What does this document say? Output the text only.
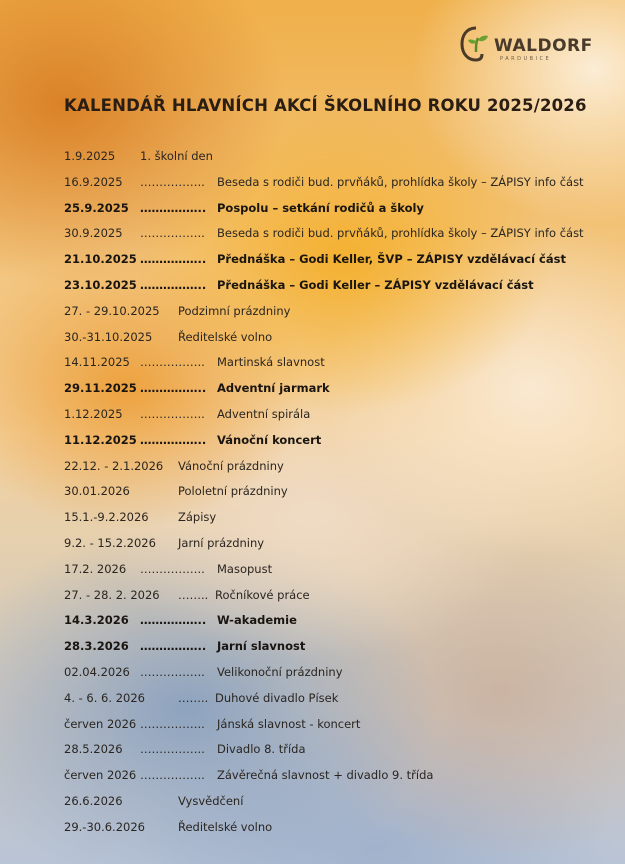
WALDORF
PARDUBICE
KALENDÁŘ HLAVNÍCH AKCÍ ŠKOLNÍHO ROKU 2025/2026
1.9.2025 1. školní den
16.9.2025 …………….. Beseda s rodiči bud. prvňáků, prohlídka školy – ZÁPISY info část
25.9.2025 …………….. Pospolu – setkání rodičů a školy
30.9.2025 …………….. Beseda s rodiči bud. prvňáků, prohlídka školy – ZÁPISY info část
21.10.2025 …………….. Přednáška – Godi Keller, ŠVP – ZÁPISY vzdělávací část
23.10.2025 …………….. Přednáška – Godi Keller – ZÁPISY vzdělávací část
27. - 29.10.2025 Podzimní prázdniny
30.-31.10.2025 Ředitelské volno
14.11.2025 …………….. Martinská slavnost
29.11.2025 …………….. Adventní jarmark
1.12.2025 …………….. Adventní spirála
11.12.2025 …………….. Vánoční koncert
22.12. - 2.1.2026 Vánoční prázdniny
30.01.2026	Pololetní prázdniny
15.1.-9.2.2026	Zápisy
9.2. - 15.2.2026 Jarní prázdniny
17.2. 2026 …………….. Masopust
27. - 28. 2. 2026 …….. Ročníkové práce
14.3.2026 …………….. W-akademie
28.3.2026 …………….. Jarní slavnost
02.04.2026 …………….. Velikonoční prázdniny
4. - 6. 6. 2026	…….. Duhové divadlo Písek
červen 2026 …………….. Jánská slavnost - koncert
28.5.2026 …………….. Divadlo 8. třída
červen 2026 …………….. Závěrečná slavnost + divadlo 9. třída
26.6.2026	Vysvědčení
29.-30.6.2026	Ředitelské volno
